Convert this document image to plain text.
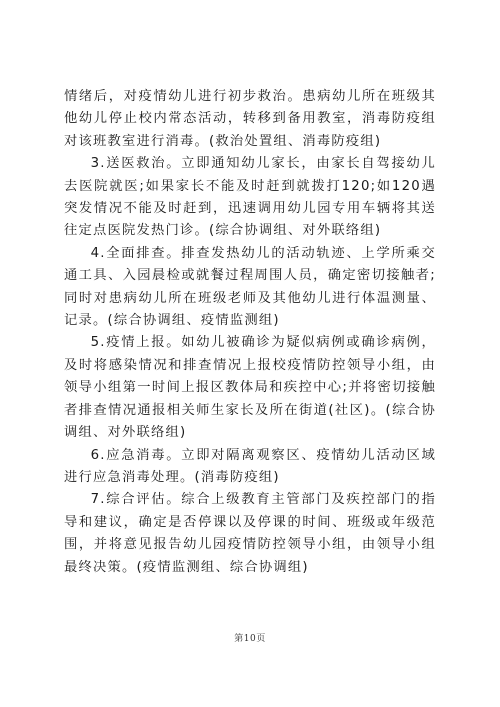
情绪后，对疫情幼儿进行初步救治。患病幼儿所在班级其他幼儿停止校内常态活动，转移到备用教室，消毒防疫组对该班教室进行消毒。(救治处置组、消毒防疫组)

3.送医救治。立即通知幼儿家长，由家长自驾接幼儿去医院就医;如果家长不能及时赶到就拨打120;如120遇突发情况不能及时赶到，迅速调用幼儿园专用车辆将其送往定点医院发热门诊。(综合协调组、对外联络组)

4.全面排查。排查发热幼儿的活动轨迹、上学所乘交通工具、入园晨检或就餐过程周围人员，确定密切接触者;同时对患病幼儿所在班级老师及其他幼儿进行体温测量、记录。(综合协调组、疫情监测组)

5.疫情上报。如幼儿被确诊为疑似病例或确诊病例，及时将感染情况和排查情况上报校疫情防控领导小组，由领导小组第一时间上报区教体局和疾控中心;并将密切接触者排查情况通报相关师生家长及所在街道(社区)。(综合协调组、对外联络组)

6.应急消毒。立即对隔离观察区、疫情幼儿活动区域进行应急消毒处理。(消毒防疫组)

7.综合评估。综合上级教育主管部门及疾控部门的指导和建议，确定是否停课以及停课的时间、班级或年级范围，并将意见报告幼儿园疫情防控领导小组，由领导小组最终决策。(疫情监测组、综合协调组)

第10页
